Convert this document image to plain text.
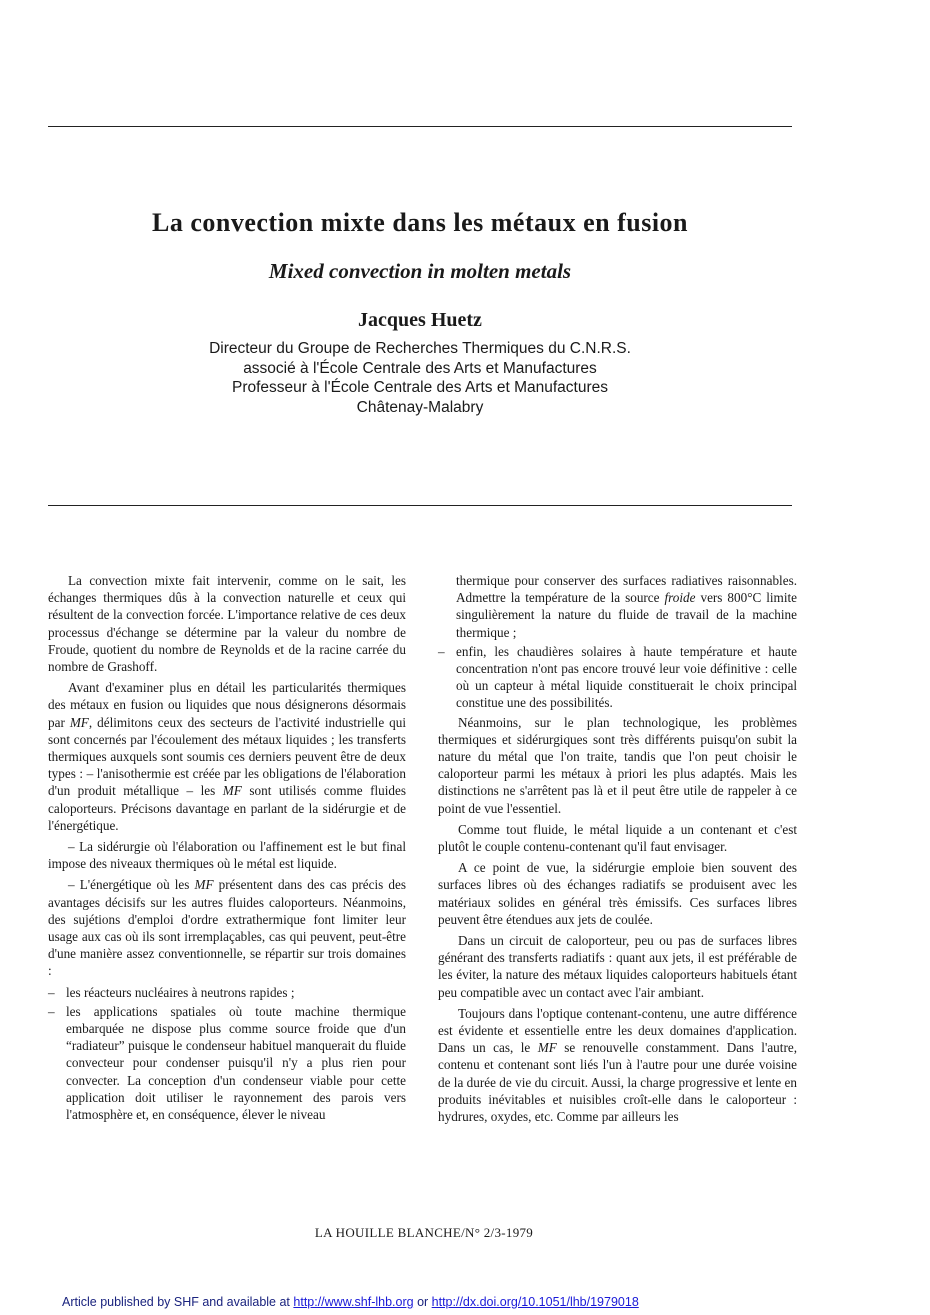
La convection mixte dans les métaux en fusion
Mixed convection in molten metals
Jacques Huetz
Directeur du Groupe de Recherches Thermiques du C.N.R.S.
associé à l'École Centrale des Arts et Manufactures
Professeur à l'École Centrale des Arts et Manufactures
Châtenay-Malabry

La convection mixte fait intervenir, comme on le sait, les échanges thermiques dûs à la convection naturelle et ceux qui résultent de la convection forcée. L'importance relative de ces deux processus d'échange se détermine par la valeur du nombre de Froude, quotient du nombre de Reynolds et de la racine carrée du nombre de Grashoff.

Avant d'examiner plus en détail les particularités thermiques des métaux en fusion ou liquides que nous désignerons désormais par MF, délimitons ceux des secteurs de l'activité industrielle qui sont concernés par l'écoulement des métaux liquides ; les transferts thermiques auxquels sont soumis ces derniers peuvent être de deux types : – l'anisothermie est créée par les obligations de l'élaboration d'un produit métallique – les MF sont utilisés comme fluides caloporteurs. Précisons davantage en parlant de la sidérurgie et de l'énergétique.

– La sidérurgie où l'élaboration ou l'affinement est le but final impose des niveaux thermiques où le métal est liquide.

– L'énergétique où les MF présentent dans des cas précis des avantages décisifs sur les autres fluides caloporteurs. Néanmoins, des sujétions d'emploi d'ordre extrathermique font limiter leur usage aux cas où ils sont irremplaçables, cas qui peuvent, peut-être d'une manière assez conventionnelle, se répartir sur trois domaines :

– les réacteurs nucléaires à neutrons rapides ;
– les applications spatiales où toute machine thermique embarquée ne dispose plus comme source froide que d'un “radiateur” puisque le condenseur habituel manquerait du fluide convecteur pour condenser puisqu'il n'y a plus rien pour convecter. La conception d'un condenseur viable pour cette application doit utiliser le rayonnement des parois vers l'atmosphère et, en conséquence, élever le niveau
thermique pour conserver des surfaces radiatives raisonnables. Admettre la température de la source froide vers 800°C limite singulièrement la nature du fluide de travail de la machine thermique ;
– enfin, les chaudières solaires à haute température et haute concentration n'ont pas encore trouvé leur voie définitive : celle où un capteur à métal liquide constituerait le choix principal constitue une des possibilités.

Néanmoins, sur le plan technologique, les problèmes thermiques et sidérurgiques sont très différents puisqu'on subit la nature du métal que l'on traite, tandis que l'on peut choisir le caloporteur parmi les métaux à priori les plus adaptés. Mais les distinctions ne s'arrêtent pas là et il peut être utile de rappeler à ce point de vue l'essentiel.

Comme tout fluide, le métal liquide a un contenant et c'est plutôt le couple contenu-contenant qu'il faut envisager.

A ce point de vue, la sidérurgie emploie bien souvent des surfaces libres où des échanges radiatifs se produisent avec les matériaux solides en général très émissifs. Ces surfaces libres peuvent être étendues aux jets de coulée.

Dans un circuit de caloporteur, peu ou pas de surfaces libres générant des transferts radiatifs : quant aux jets, il est préférable de les éviter, la nature des métaux liquides caloporteurs habituels étant peu compatible avec un contact avec l'air ambiant.

Toujours dans l'optique contenant-contenu, une autre différence est évidente et essentielle entre les deux domaines d'application. Dans un cas, le MF se renouvelle constamment. Dans l'autre, contenu et contenant sont liés l'un à l'autre pour une durée voisine de la durée de vie du circuit. Aussi, la charge progressive et lente en produits inévitables et nuisibles croît-elle dans le caloporteur : hydrures, oxydes, etc. Comme par ailleurs les

LA HOUILLE BLANCHE/N° 2/3-1979
Article published by SHF and available at http://www.shf-lhb.org or http://dx.doi.org/10.1051/lhb/1979018
